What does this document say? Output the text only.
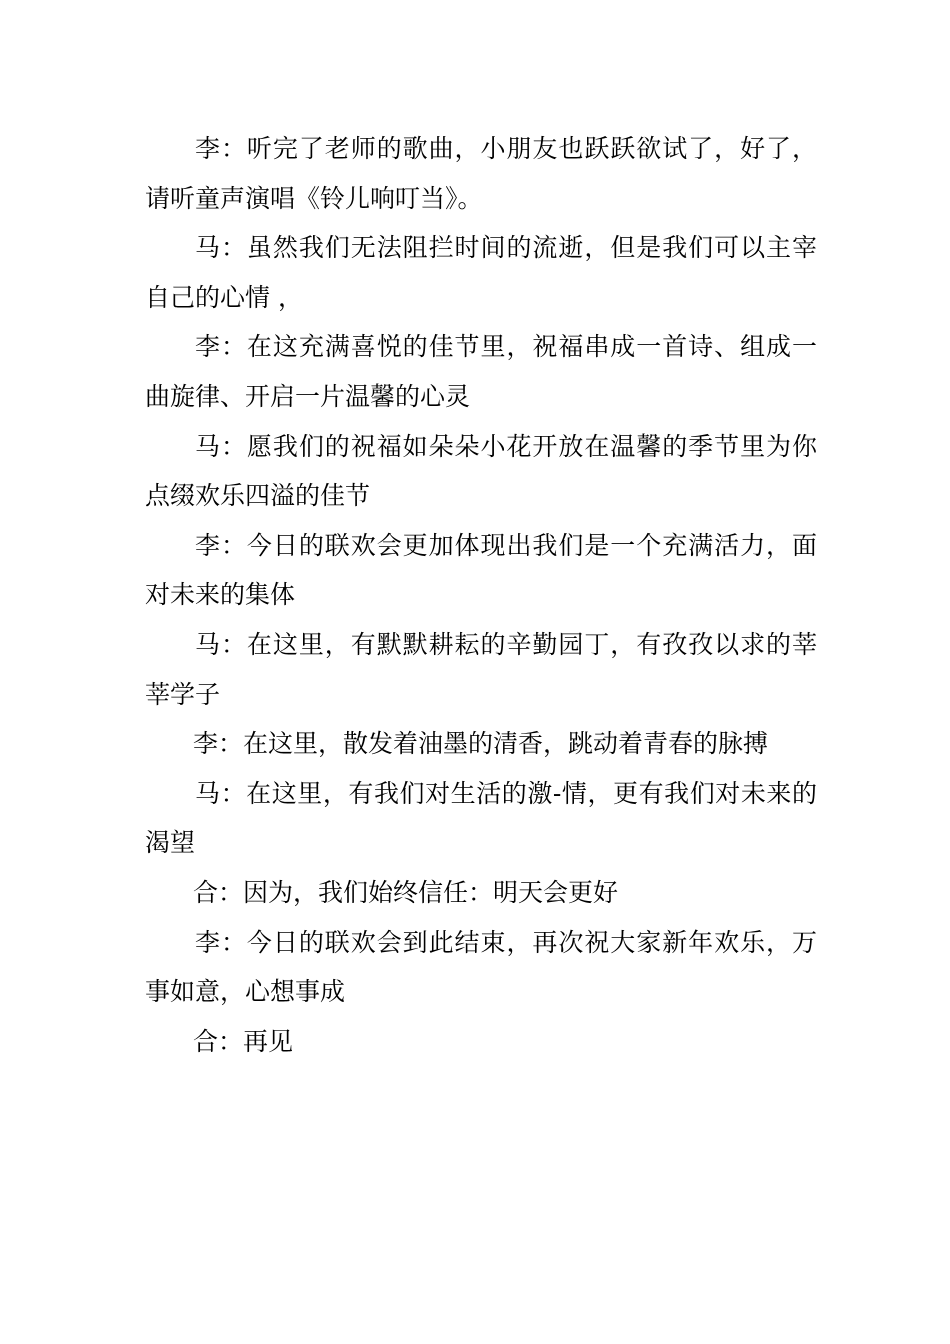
李：听完了老师的歌曲，小朋友也跃跃欲试了，好了，请听童声演唱《铃儿响叮当》。

马：虽然我们无法阻拦时间的流逝，但是我们可以主宰自己的心情 ，

李：在这充满喜悦的佳节里，祝福串成一首诗、组成一曲旋律、开启一片温馨的心灵

马：愿我们的祝福如朵朵小花开放在温馨的季节里为你点缀欢乐四溢的佳节

李：今日的联欢会更加体现出我们是一个充满活力，面对未来的集体

马：在这里，有默默耕耘的辛勤园丁，有孜孜以求的莘莘学子

李：在这里，散发着油墨的清香，跳动着青春的脉搏

马：在这里，有我们对生活的激-情，更有我们对未来的渴望

合：因为，我们始终信任：明天会更好

李：今日的联欢会到此结束，再次祝大家新年欢乐，万事如意，心想事成

合：再见
